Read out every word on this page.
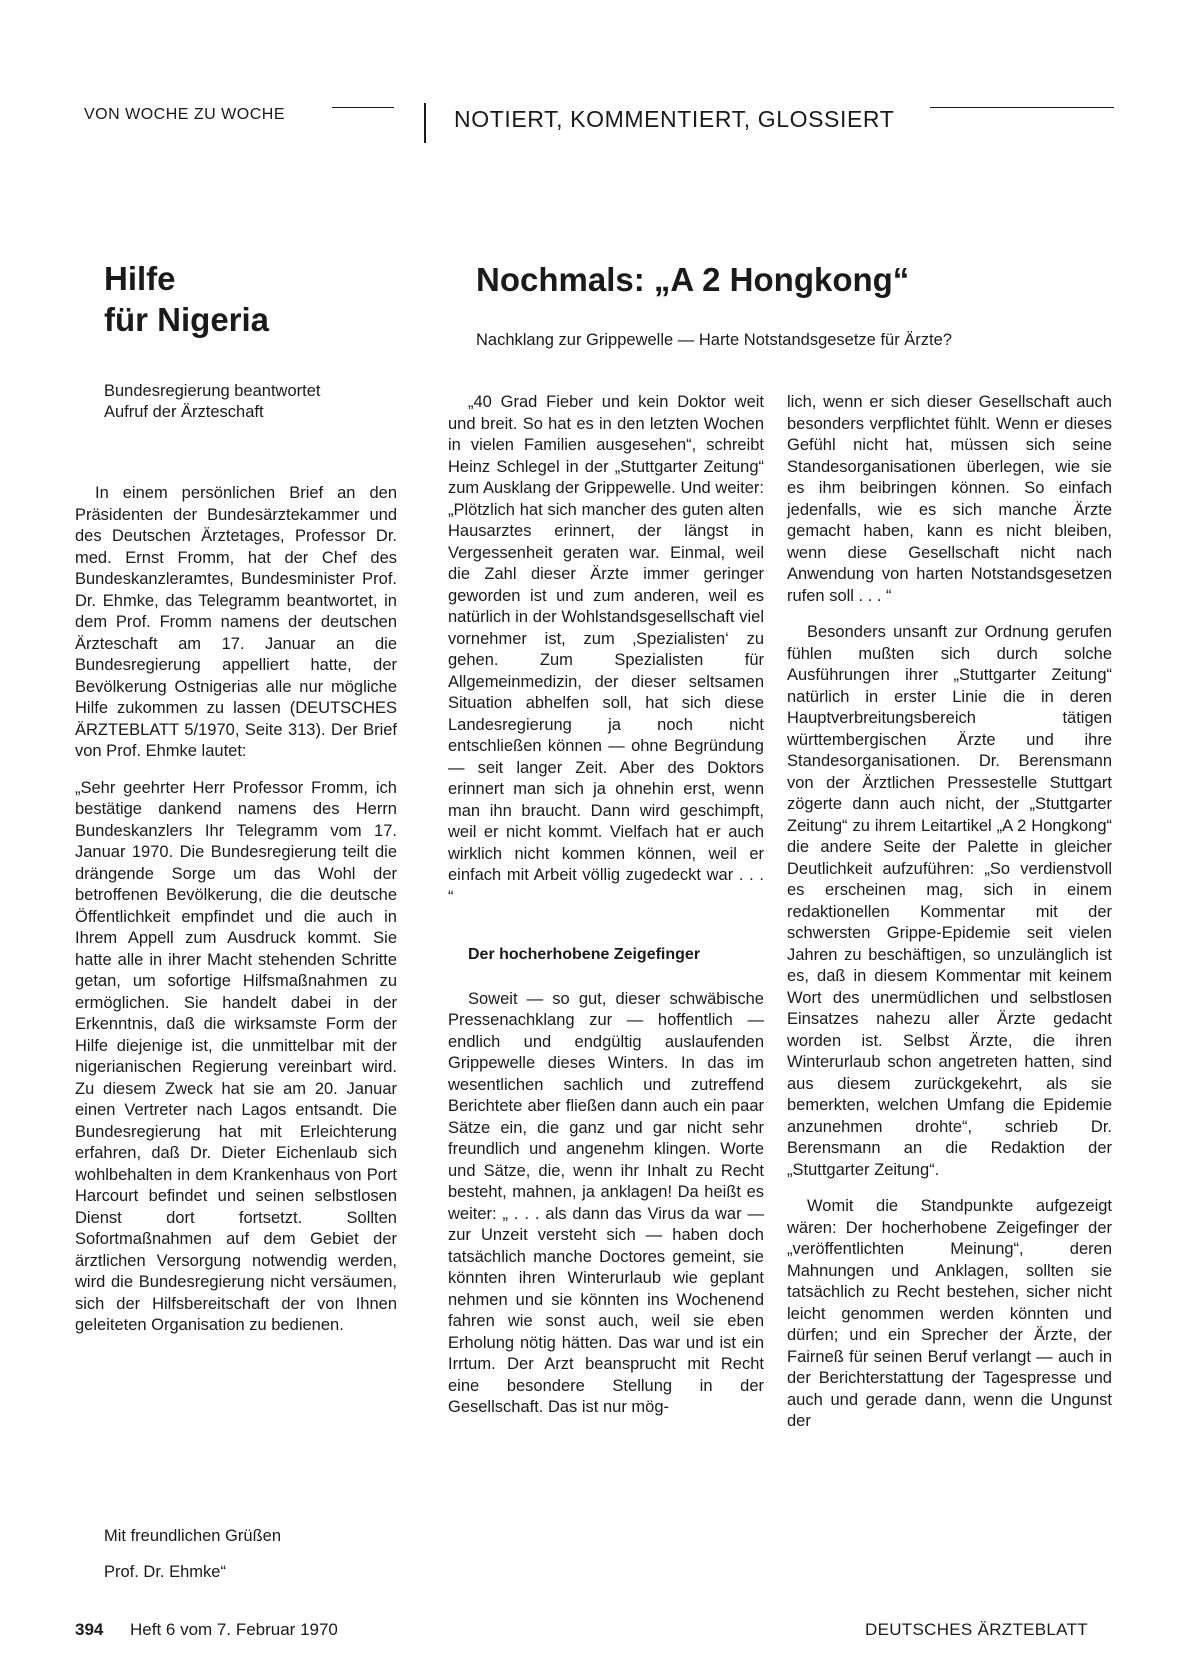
VON WOCHE ZU WOCHE	NOTIERT, KOMMENTIERT, GLOSSIERT
Hilfe
für Nigeria
Bundesregierung beantwortet
Aufruf der Ärzteschaft

In einem persönlichen Brief an den Präsidenten der Bundesärztekammer und des Deutschen Ärztetages, Professor Dr. med. Ernst Fromm, hat der Chef des Bundeskanzleramtes, Bundesminister Prof. Dr. Ehmke, das Telegramm beantwortet, in dem Prof. Fromm namens der deutschen Ärzteschaft am 17. Januar an die Bundesregierung appelliert hatte, der Bevölkerung Ostnigerias alle nur mögliche Hilfe zukommen zu lassen (DEUTSCHES ÄRZTEBLATT 5/1970, Seite 313). Der Brief von Prof. Ehmke lautet:

„Sehr geehrter Herr Professor Fromm, ich bestätige dankend namens des Herrn Bundeskanzlers Ihr Telegramm vom 17. Januar 1970. Die Bundesregierung teilt die drängende Sorge um das Wohl der betroffenen Bevölkerung, die die deutsche Öffentlichkeit empfindet und die auch in Ihrem Appell zum Ausdruck kommt. Sie hatte alle in ihrer Macht stehenden Schritte getan, um sofortige Hilfsmaßnahmen zu ermöglichen. Sie handelt dabei in der Erkenntnis, daß die wirksamste Form der Hilfe diejenige ist, die unmittelbar mit der nigerianischen Regierung vereinbart wird. Zu diesem Zweck hat sie am 20. Januar einen Vertreter nach Lagos entsandt. Die Bundesregierung hat mit Erleichterung erfahren, daß Dr. Dieter Eichenlaub sich wohlbehalten in dem Krankenhaus von Port Harcourt befindet und seinen selbstlosen Dienst dort fortsetzt. Sollten Sofortmaßnahmen auf dem Gebiet der ärztlichen Versorgung notwendig werden, wird die Bundesregierung nicht versäumen, sich der Hilfsbereitschaft der von Ihnen geleiteten Organisation zu bedienen.

Mit freundlichen Grüßen
Prof. Dr. Ehmke“
Nochmals: „A 2 Hongkong“
Nachklang zur Grippewelle — Harte Notstandsgesetze für Ärzte?

„40 Grad Fieber und kein Doktor weit und breit. So hat es in den letzten Wochen in vielen Familien ausgesehen“, schreibt Heinz Schlegel in der „Stuttgarter Zeitung“ zum Ausklang der Grippewelle. Und weiter: „Plötzlich hat sich mancher des guten alten Hausarztes erinnert, der längst in Vergessenheit geraten war. Einmal, weil die Zahl dieser Ärzte immer geringer geworden ist und zum anderen, weil es natürlich in der Wohlstandsgesellschaft viel vornehmer ist, zum ‚Spezialisten‘ zu gehen. Zum Spezialisten für Allgemeinmedizin, der dieser seltsamen Situation abhelfen soll, hat sich diese Landesregierung ja noch nicht entschließen können — ohne Begründung — seit langer Zeit. Aber des Doktors erinnert man sich ja ohnehin erst, wenn man ihn braucht. Dann wird geschimpft, weil er nicht kommt. Vielfach hat er auch wirklich nicht kommen können, weil er einfach mit Arbeit völlig zugedeckt war . . . “

Der hocherhobene Zeigefinger

Soweit — so gut, dieser schwäbische Pressenachklang zur — hoffentlich — endlich und endgültig auslaufenden Grippewelle dieses Winters. In das im wesentlichen sachlich und zutreffend Berichtete aber fließen dann auch ein paar Sätze ein, die ganz und gar nicht sehr freundlich und angenehm klingen. Worte und Sätze, die, wenn ihr Inhalt zu Recht besteht, mahnen, ja anklagen! Da heißt es weiter: „ . . . als dann das Virus da war — zur Unzeit versteht sich — haben doch tatsächlich manche Doctores gemeint, sie könnten ihren Winterurlaub wie geplant nehmen und sie könnten ins Wochenend fahren wie sonst auch, weil sie eben Erholung nötig hätten. Das war und ist ein Irrtum. Der Arzt beansprucht mit Recht eine besondere Stellung in der Gesellschaft. Das ist nur mög-

lich, wenn er sich dieser Gesellschaft auch besonders verpflichtet fühlt. Wenn er dieses Gefühl nicht hat, müssen sich seine Standesorganisationen überlegen, wie sie es ihm beibringen können. So einfach jedenfalls, wie es sich manche Ärzte gemacht haben, kann es nicht bleiben, wenn diese Gesellschaft nicht nach Anwendung von harten Notstandsgesetzen rufen soll . . . “

Besonders unsanft zur Ordnung gerufen fühlen mußten sich durch solche Ausführungen ihrer „Stuttgarter Zeitung“ natürlich in erster Linie die in deren Hauptverbreitungsbereich tätigen württembergischen Ärzte und ihre Standesorganisationen. Dr. Berensmann von der Ärztlichen Pressestelle Stuttgart zögerte dann auch nicht, der „Stuttgarter Zeitung“ zu ihrem Leitartikel „A 2 Hongkong“ die andere Seite der Palette in gleicher Deutlichkeit aufzuführen: „So verdienstvoll es erscheinen mag, sich in einem redaktionellen Kommentar mit der schwersten Grippe-Epidemie seit vielen Jahren zu beschäftigen, so unzulänglich ist es, daß in diesem Kommentar mit keinem Wort des unermüdlichen und selbstlosen Einsatzes nahezu aller Ärzte gedacht worden ist. Selbst Ärzte, die ihren Winterurlaub schon angetreten hatten, sind aus diesem zurückgekehrt, als sie bemerkten, welchen Umfang die Epidemie anzunehmen drohte“, schrieb Dr. Berensmann an die Redaktion der „Stuttgarter Zeitung“.

Womit die Standpunkte aufgezeigt wären: Der hocherhobene Zeigefinger der „veröffentlichten Meinung“, deren Mahnungen und Anklagen, sollten sie tatsächlich zu Recht bestehen, sicher nicht leicht genommen werden könnten und dürfen; und ein Sprecher der Ärzte, der Fairneß für seinen Beruf verlangt — auch in der Berichterstattung der Tagespresse und auch und gerade dann, wenn die Ungunst der

394 Heft 6 vom 7. Februar 1970	DEUTSCHES ÄRZTEBLATT
